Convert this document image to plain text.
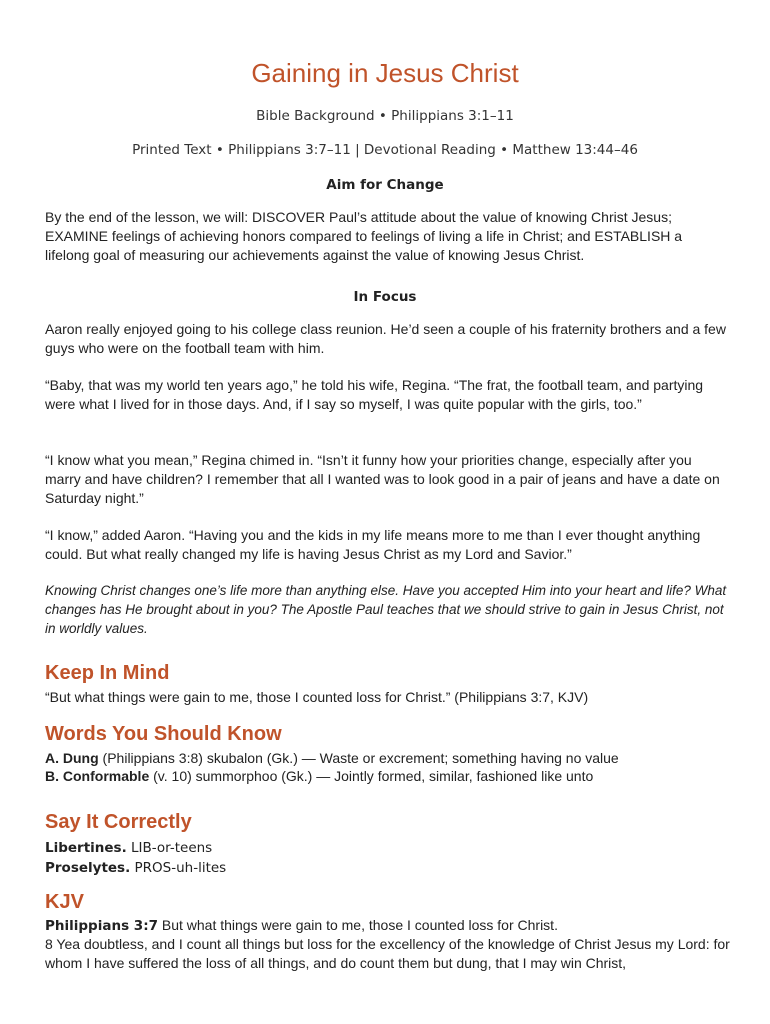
Gaining in Jesus Christ
Bible Background • Philippians 3:1–11
Printed Text • Philippians 3:7–11 | Devotional Reading • Matthew 13:44–46
Aim for Change

By the end of the lesson, we will: DISCOVER Paul’s attitude about the value of knowing Christ Jesus; EXAMINE feelings of achieving honors compared to feelings of living a life in Christ; and ESTABLISH a lifelong goal of measuring our achievements against the value of knowing Jesus Christ.

In Focus

Aaron really enjoyed going to his college class reunion. He’d seen a couple of his fraternity brothers and a few guys who were on the football team with him.

“Baby, that was my world ten years ago,” he told his wife, Regina. “The frat, the football team, and partying were what I lived for in those days. And, if I say so myself, I was quite popular with the girls, too.”

“I know what you mean,” Regina chimed in. “Isn’t it funny how your priorities change, especially after you marry and have children? I remember that all I wanted was to look good in a pair of jeans and have a date on Saturday night.”

“I know,” added Aaron. “Having you and the kids in my life means more to me than I ever thought anything could. But what really changed my life is having Jesus Christ as my Lord and Savior.”

Knowing Christ changes one’s life more than anything else. Have you accepted Him into your heart and life? What changes has He brought about in you? The Apostle Paul teaches that we should strive to gain in Jesus Christ, not in worldly values.

Keep In Mind

“But what things were gain to me, those I counted loss for Christ.” (Philippians 3:7, KJV)

Words You Should Know

A. Dung (Philippians 3:8) skubalon (Gk.) — Waste or excrement; something having no value

B. Conformable (v. 10) summorphoo (Gk.) — Jointly formed, similar, fashioned like unto

Say It Correctly

Libertines. LIB-or-teens

Proselytes. PROS-uh-lites

KJV

Philippians 3:7 But what things were gain to me, those I counted loss for Christ.

8 Yea doubtless, and I count all things but loss for the excellency of the knowledge of Christ Jesus my Lord: for whom I have suffered the loss of all things, and do count them but dung, that I may win Christ,
